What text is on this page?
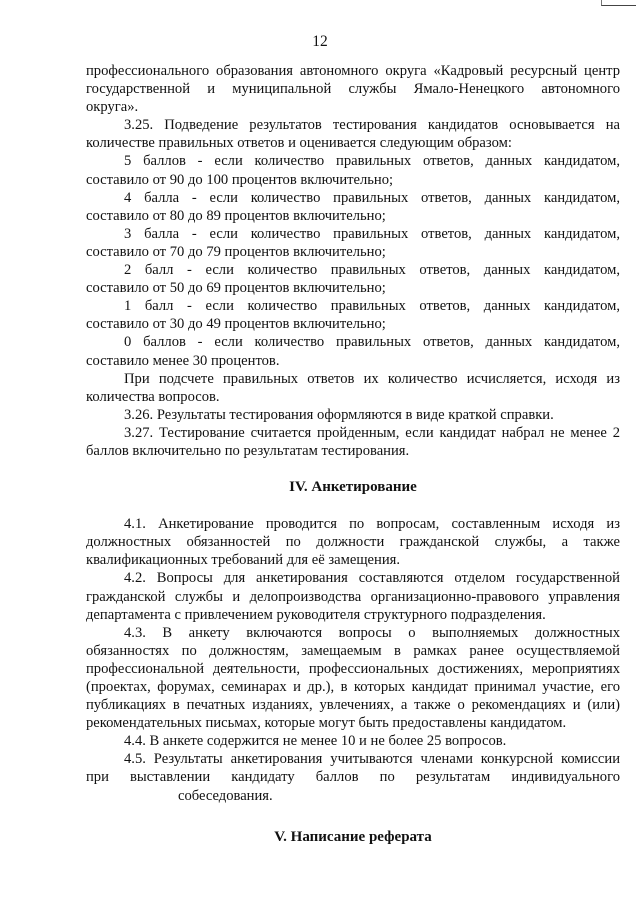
12

профессионального образования автономного округа «Кадровый ресурсный центр

государственной и муниципальной службы Ямало-Ненецкого автономного

округа».

3.25. Подведение результатов тестирования кандидатов основывается на

количестве правильных ответов и оценивается следующим образом:

5 баллов - если количество правильных ответов, данных кандидатом,

составило от 90 до 100 процентов включительно;

4 балла - если количество правильных ответов, данных кандидатом,

составило от 80 до 89 процентов включительно;

3 балла - если количество правильных ответов, данных кандидатом,

составило от 70 до 79 процентов включительно;

2 балл - если количество правильных ответов, данных кандидатом,

составило от 50 до 69 процентов включительно;

1 балл - если количество правильных ответов, данных кандидатом,

составило от 30 до 49 процентов включительно;

0 баллов - если количество правильных ответов, данных кандидатом,

составило менее 30 процентов.

При подсчете правильных ответов их количество исчисляется, исходя из

количества вопросов.

3.26. Результаты тестирования оформляются в виде краткой справки.

3.27. Тестирование считается пройденным, если кандидат набрал не менее 2

баллов включительно по результатам тестирования.

IV. Анкетирование

4.1. Анкетирование проводится по вопросам, составленным исходя из

должностных обязанностей по должности гражданской службы, а также

квалификационных требований для её замещения.

4.2. Вопросы для анкетирования составляются отделом государственной

гражданской службы и делопроизводства организационно-правового управления

департамента с привлечением руководителя структурного подразделения.

4.3. В анкету включаются вопросы о выполняемых должностных

обязанностях по должностям, замещаемым в рамках ранее осуществляемой

профессиональной деятельности, профессиональных достижениях, мероприятиях

(проектах, форумах, семинарах и др.), в которых кандидат принимал участие, его

публикациях в печатных изданиях, увлечениях, а также о рекомендациях и (или)

рекомендательных письмах, которые могут быть предоставлены кандидатом.

4.4. В анкете содержится не менее 10 и не более 25 вопросов.

4.5. Результаты анкетирования учитываются членами конкурсной комиссии

при выставлении кандидату баллов по результатам индивидуального

собеседования.

V. Написание реферата
